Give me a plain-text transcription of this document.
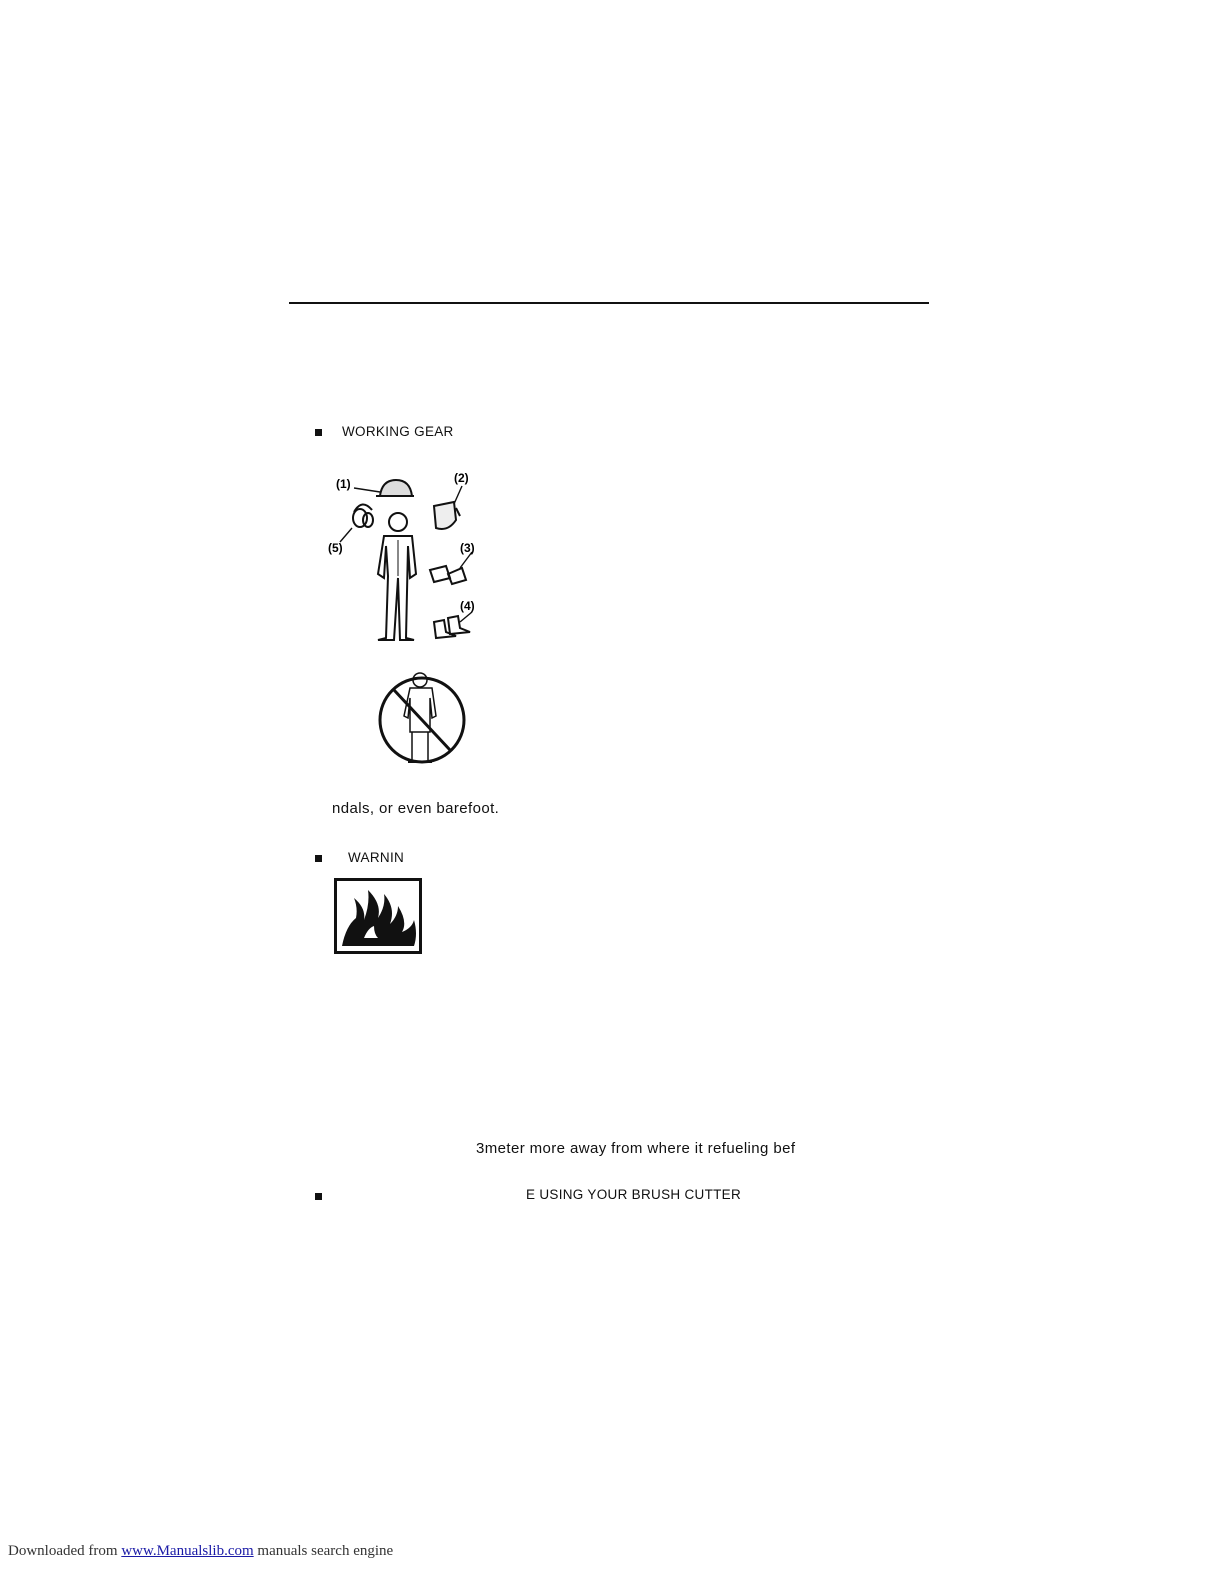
WORKING GEAR
(1)	(2)
(3)
(4)
(5)
ndals, or even barefoot.
WARNIN
3meter more away from where it refueling bef
E USING YOUR BRUSH CUTTER
Downloaded from www.Manualslib.com manuals search engine
